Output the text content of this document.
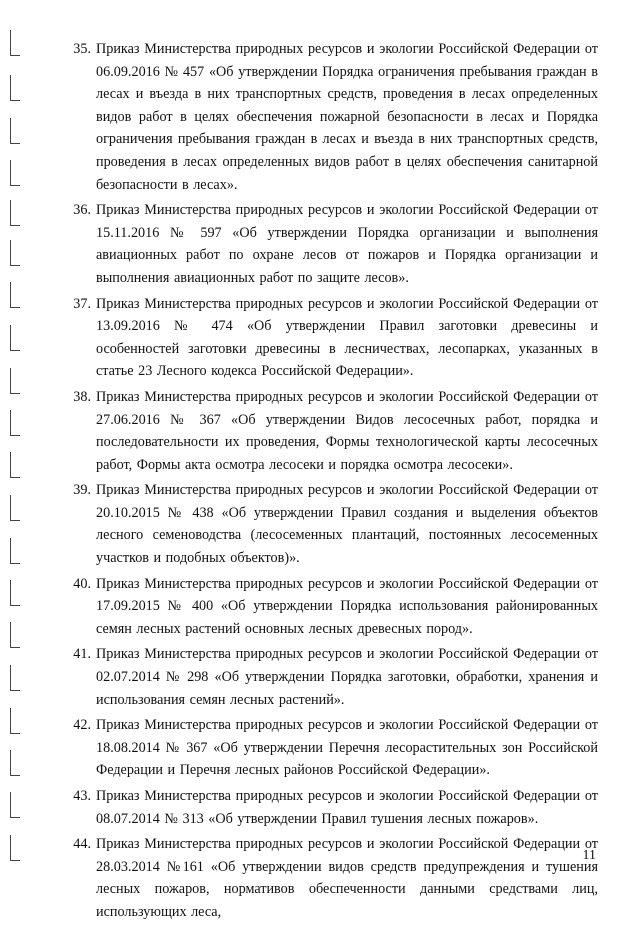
35. Приказ Министерства природных ресурсов и экологии Российской Федерации от 06.09.2016 № 457 «Об утверждении Порядка ограничения пребывания граждан в лесах и въезда в них транспортных средств, проведения в лесах определенных видов работ в целях обеспечения пожарной безопасности в лесах и Порядка ограничения пребывания граждан в лесах и въезда в них транспортных средств, проведения в лесах определенных видов работ в целях обеспечения санитарной безопасности в лесах».
36. Приказ Министерства природных ресурсов и экологии Российской Федерации от 15.11.2016 № 597 «Об утверждении Порядка организации и выполнения авиационных работ по охране лесов от пожаров и Порядка организации и выполнения авиационных работ по защите лесов».
37. Приказ Министерства природных ресурсов и экологии Российской Федерации от 13.09.2016 № 474 «Об утверждении Правил заготовки древесины и особенностей заготовки древесины в лесничествах, лесопарках, указанных в статье 23 Лесного кодекса Российской Федерации».
38. Приказ Министерства природных ресурсов и экологии Российской Федерации от 27.06.2016 № 367 «Об утверждении Видов лесосечных работ, порядка и последовательности их проведения, Формы технологической карты лесосечных работ, Формы акта осмотра лесосеки и порядка осмотра лесосеки».
39. Приказ Министерства природных ресурсов и экологии Российской Федерации от 20.10.2015 № 438 «Об утверждении Правил создания и выделения объектов лесного семеноводства (лесосеменных плантаций, постоянных лесосеменных участков и подобных объектов)».
40. Приказ Министерства природных ресурсов и экологии Российской Федерации от 17.09.2015 № 400 «Об утверждении Порядка использования районированных семян лесных растений основных лесных древесных пород».
41. Приказ Министерства природных ресурсов и экологии Российской Федерации от 02.07.2014 № 298 «Об утверждении Порядка заготовки, обработки, хранения и использования семян лесных растений».
42. Приказ Министерства природных ресурсов и экологии Российской Федерации от 18.08.2014 № 367 «Об утверждении Перечня лесорастительных зон Российской Федерации и Перечня лесных районов Российской Федерации».
43. Приказ Министерства природных ресурсов и экологии Российской Федерации от 08.07.2014 № 313 «Об утверждении Правил тушения лесных пожаров».
44. Приказ Министерства природных ресурсов и экологии Российской Федерации от 28.03.2014 №161 «Об утверждении видов средств предупреждения и тушения лесных пожаров, нормативов обеспеченности данными средствами лиц, использующих леса,
11
